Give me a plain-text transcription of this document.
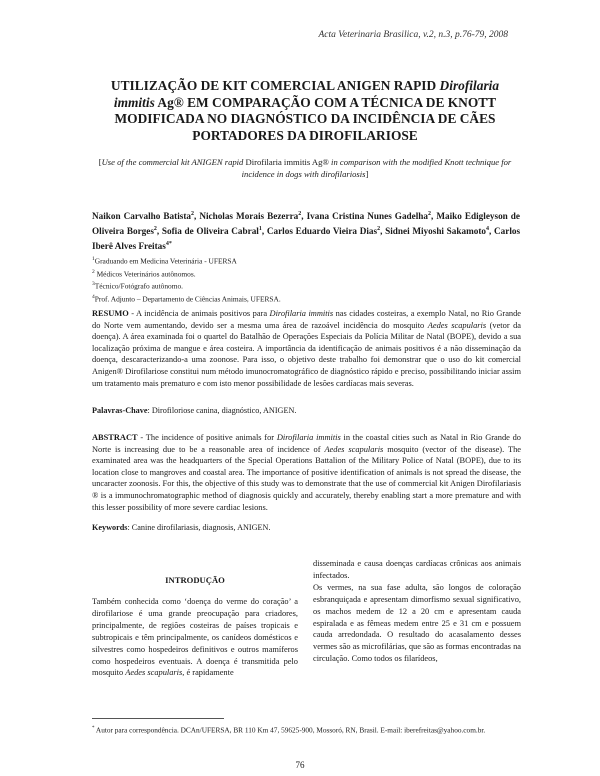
Acta Veterinaria Brasilica, v.2, n.3, p.76-79, 2008
UTILIZAÇÃO DE KIT COMERCIAL ANIGEN RAPID Dirofilaria immitis Ag® EM COMPARAÇÃO COM A TÉCNICA DE KNOTT MODIFICADA NO DIAGNÓSTICO DA INCIDÊNCIA DE CÃES PORTADORES DA DIROFILARIOSE

[Use of the commercial kit ANIGEN rapid Dirofilaria immitis Ag® in comparison with the modified Knott technique for incidence in dogs with dirofilariosis]

Naikon Carvalho Batista$^2$, Nicholas Morais Bezerra$^2$, Ivana Cristina Nunes Gadelha$^2$, Maiko Edigleyson de Oliveira Borges$^2$, Sofia de Oliveira Cabral$^1$, Carlos Eduardo Vieira Dias$^2$, Sidnei Miyoshi Sakamoto$^4$, Carlos Iberê Alves Freitas$^{4*}$

$^1$Graduando em Medicina Veterinária - UFERSA
$^2$ Médicos Veterinários autônomos.
$^3$Técnico/Fotógrafo autônomo.
$^4$Prof. Adjunto – Departamento de Ciências Animais, UFERSA.

RESUMO - A incidência de animais positivos para Dirofilaria immitis nas cidades costeiras, a exemplo Natal, no Rio Grande do Norte vem aumentando, devido ser a mesma uma área de razoável incidência do mosquito Aedes scapularis (vetor da doença). A área examinada foi o quartel do Batalhão de Operações Especiais da Polícia Militar de Natal (BOPE), devido a sua localização próxima de mangue e área costeira. A importância da identificação de animais positivos é a não disseminação da doença, descaracterizando-a uma zoonose. Para isso, o objetivo deste trabalho foi demonstrar que o uso do kit comercial Anigen® Dirofilariose constitui num método imunocromatográfico de diagnóstico rápido e preciso, possibilitando iniciar assim um tratamento mais prematuro e com isto menor possibilidade de lesões cardíacas mais severas.

Palavras-Chave: Dirofiloriose canina, diagnóstico, ANIGEN.

ABSTRACT - The incidence of positive animals for Dirofilaria immitis in the coastal cities such as Natal in Rio Grande do Norte is increasing due to be a reasonable area of incidence of Aedes scapularis mosquito (vector of the disease). The examinated area was the headquarters of the Special Operations Battalion of the Military Police of Natal (BOPE), due to its location close to mangroves and coastal area. The importance of positive identification of animals is not spread the disease, the uncaracter zoonosis. For this, the objective of this study was to demonstrate that the use of commercial kit Anigen Dirofilariasis ® is a immunochromatographic method of diagnosis quickly and accurately, thereby enabling start a more premature and with this lesser possibility of more severe cardiac lesions.

Keywords: Canine dirofilariasis, diagnosis, ANIGEN.

INTRODUÇÃO

Também conhecida como ‘doença do verme do coração’ a dirofilariose é uma grande preocupação para criadores, principalmente, de regiões costeiras de países tropicais e subtropicais e têm principalmente, os canídeos domésticos e silvestres como hospedeiros definitivos e outros mamíferos como hospedeiros eventuais. A doença é transmitida pelo mosquito Aedes scapularis, é rapidamente

disseminada e causa doenças cardíacas crônicas aos animais infectados.

Os vermes, na sua fase adulta, são longos de coloração esbranquiçada e apresentam dimorfismo sexual significativo, os machos medem de 12 a 20 cm e apresentam cauda espiralada e as fêmeas medem entre 25 e 31 cm e possuem cauda arredondada. O resultado do acasalamento desses vermes são as microfilárias, que são as formas encontradas na circulação. Como todos os filarídeos,

* Autor para correspondência. DCAn/UFERSA, BR 110 Km 47, 59625-900, Mossoró, RN, Brasil. E-mail: iberefreitas@yahoo.com.br.

76
